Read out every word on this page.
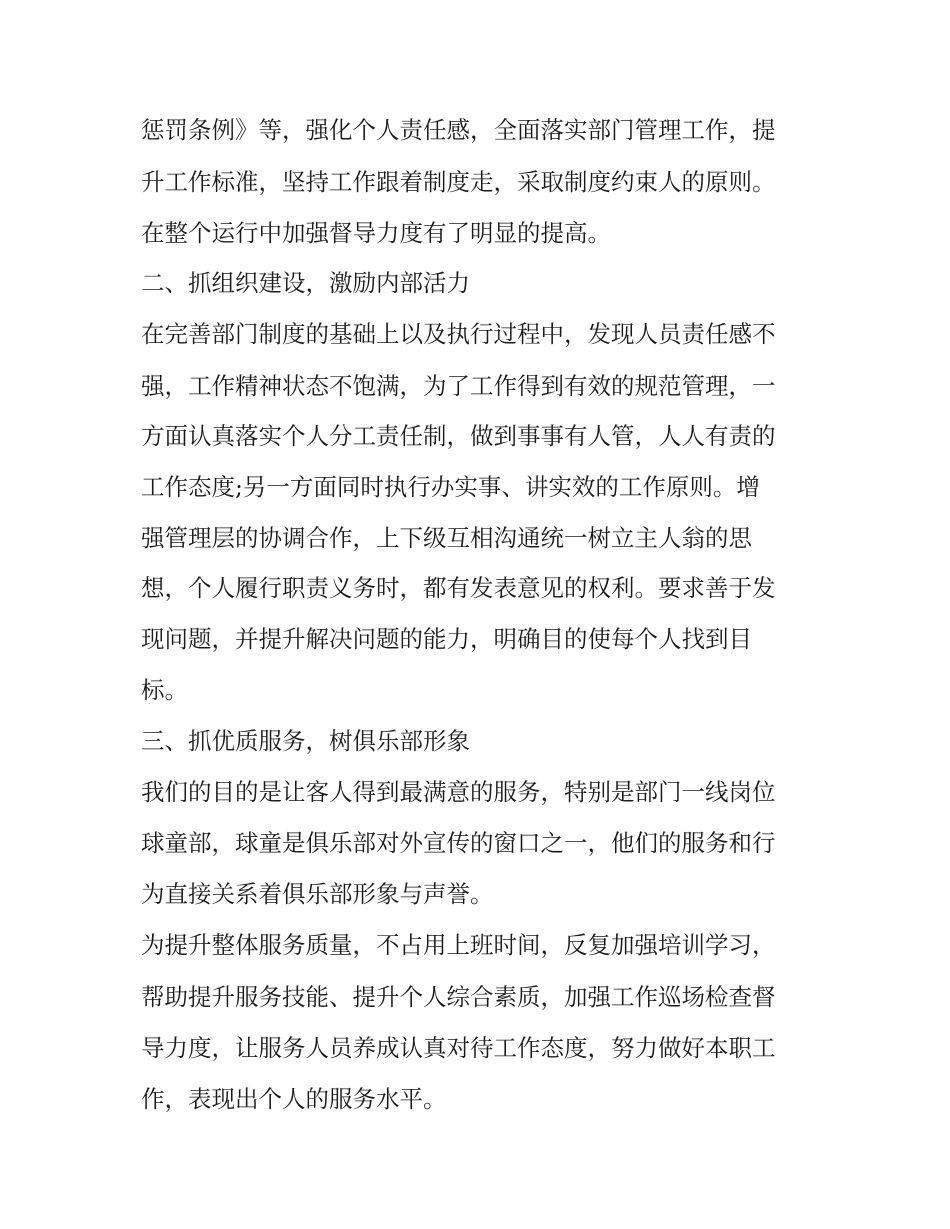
惩罚条例》等，强化个人责任感，全面落实部门管理工作，提
升工作标准，坚持工作跟着制度走，采取制度约束人的原则。
在整个运行中加强督导力度有了明显的提高。
二、抓组织建设，激励内部活力
在完善部门制度的基础上以及执行过程中，发现人员责任感不
强，工作精神状态不饱满，为了工作得到有效的规范管理，一
方面认真落实个人分工责任制，做到事事有人管，人人有责的
工作态度;另一方面同时执行办实事、讲实效的工作原则。增
强管理层的协调合作，上下级互相沟通统一树立主人翁的思
想，个人履行职责义务时，都有发表意见的权利。要求善于发
现问题，并提升解决问题的能力，明确目的使每个人找到目
标。
三、抓优质服务，树俱乐部形象
我们的目的是让客人得到最满意的服务，特别是部门一线岗位
球童部，球童是俱乐部对外宣传的窗口之一，他们的服务和行
为直接关系着俱乐部形象与声誉。
为提升整体服务质量，不占用上班时间，反复加强培训学习，
帮助提升服务技能、提升个人综合素质，加强工作巡场检查督
导力度，让服务人员养成认真对待工作态度，努力做好本职工
作，表现出个人的服务水平。
